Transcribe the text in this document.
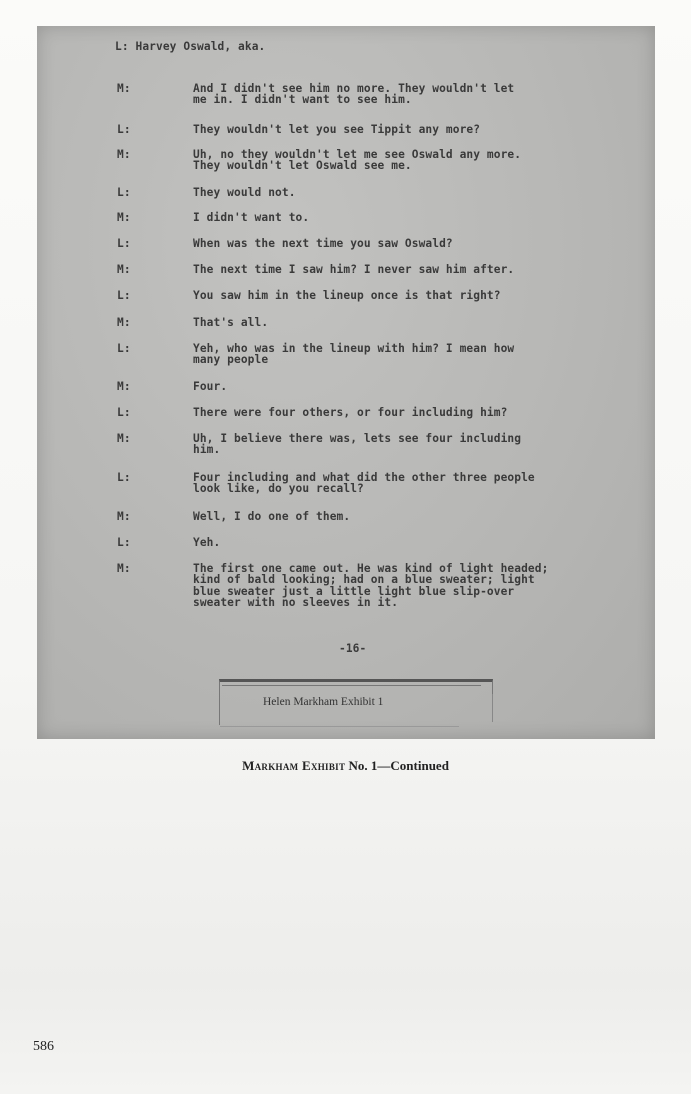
L: Harvey Oswald, aka.
M:	And I didn't see him no more. They wouldn't let
me in. I didn't want to see him.
L:	They wouldn't let you see Tippit any more?
M:	Uh, no they wouldn't let me see Oswald any more.
They wouldn't let Oswald see me.
L:	They would not.
M:	I didn't want to.
L:	When was the next time you saw Oswald?
M:	The next time I saw him? I never saw him after.
L:	You saw him in the lineup once is that right?
M:	That's all.
L:	Yeh, who was in the lineup with him? I mean how
many people
M:	Four.
L:	There were four others, or four including him?
M:	Uh, I believe there was, lets see four including
him.
L:	Four including and what did the other three people
look like, do you recall?
M:	Well, I do one of them.
L:	Yeh.
M:	The first one came out. He was kind of light headed;
kind of bald looking; had on a blue sweater; light
blue sweater just a little light blue slip-over
sweater with no sleeves in it.
-16-
Helen Markham Exhibit 1
Markham Exhibit No. 1—Continued
586
